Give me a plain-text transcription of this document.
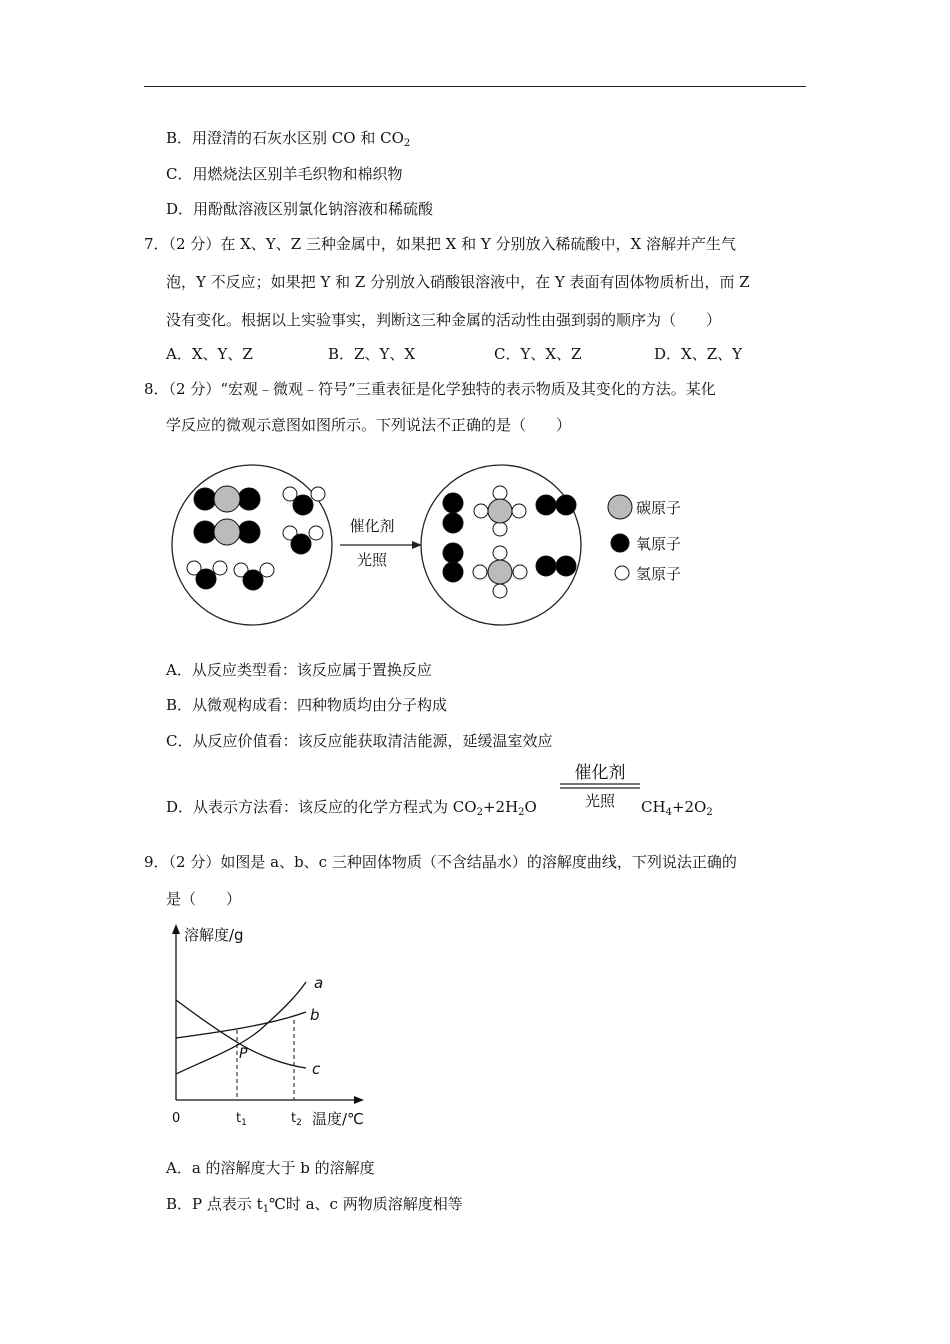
B．用澄清的石灰水区别 CO 和 $CO_2$
C．用燃烧法区别羊毛织物和棉织物
D．用酚酞溶液区别氯化钠溶液和稀硫酸
7．（2 分）在 X、Y、Z 三种金属中，如果把 X 和 Y 分别放入稀硫酸中，X 溶解并产生气
泡，Y 不反应；如果把 Y 和 Z 分别放入硝酸银溶液中，在 Y 表面有固体物质析出，而 Z
没有变化。根据以上实验事实，判断这三种金属的活动性由强到弱的顺序为（　　）
A．X、Y、Z	B．Z、Y、X	C．Y、X、Z	D．X、Z、Y
8．（2 分）“宏观﹣微观﹣符号”三重表征是化学独特的表示物质及其变化的方法。某化
学反应的微观示意图如图所示。下列说法不正确的是（　　）
催化剂
光照
碳原子
氧原子
氢原子
A．从反应类型看：该反应属于置换反应
B．从微观构成看：四种物质均由分子构成
C．从反应价值看：该反应能获取清洁能源，延缓温室效应
D．从表示方法看：该反应的化学方程式为 $CO_2+2H_2O$
催化剂
光照 $CH_4+2O_2$
9．（2 分）如图是 a、b、c 三种固体物质（不含结晶水）的溶解度曲线，下列说法正确的
是（　　）
溶解度/g
温度/℃
0	$t_1$	$t_2$
a
b
c
P
A．a 的溶解度大于 b 的溶解度
B．P 点表示 $t_1℃$时 a、c 两物质溶解度相等
